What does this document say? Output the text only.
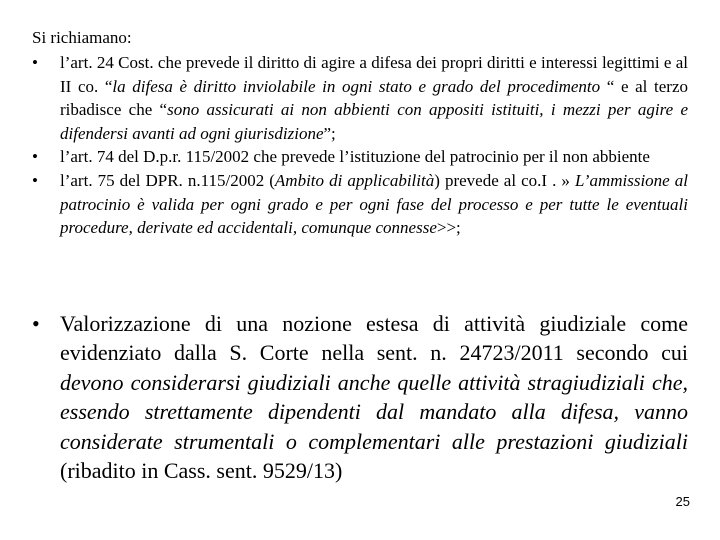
Si richiamano:

• l’art. 24 Cost. che prevede il diritto di agire a difesa dei propri diritti e interessi legittimi e al II co. “la difesa è diritto inviolabile in ogni stato e grado del procedimento “ e al terzo ribadisce che “sono assicurati ai non abbienti con appositi istituiti, i mezzi per agire e difendersi avanti ad ogni giurisdizione”;
• l’art. 74 del D.p.r. 115/2002 che prevede l’istituzione del patrocinio per il non abbiente
• l’art. 75 del DPR. n.115/2002 (Ambito di applicabilità) prevede al co.I . » L’ammissione al patrocinio è valida per ogni grado e per ogni fase del processo e per tutte le eventuali procedure, derivate ed accidentali, comunque connesse>>;
• Valorizzazione di una nozione estesa di attività giudiziale come evidenziato dalla S. Corte nella sent. n. 24723/2011 secondo cui devono considerarsi giudiziali anche quelle attività stragiudiziali che, essendo strettamente dipendenti dal mandato alla difesa, vanno considerate strumentali o complementari alle prestazioni giudiziali (ribadito in Cass. sent. 9529/13)
25
